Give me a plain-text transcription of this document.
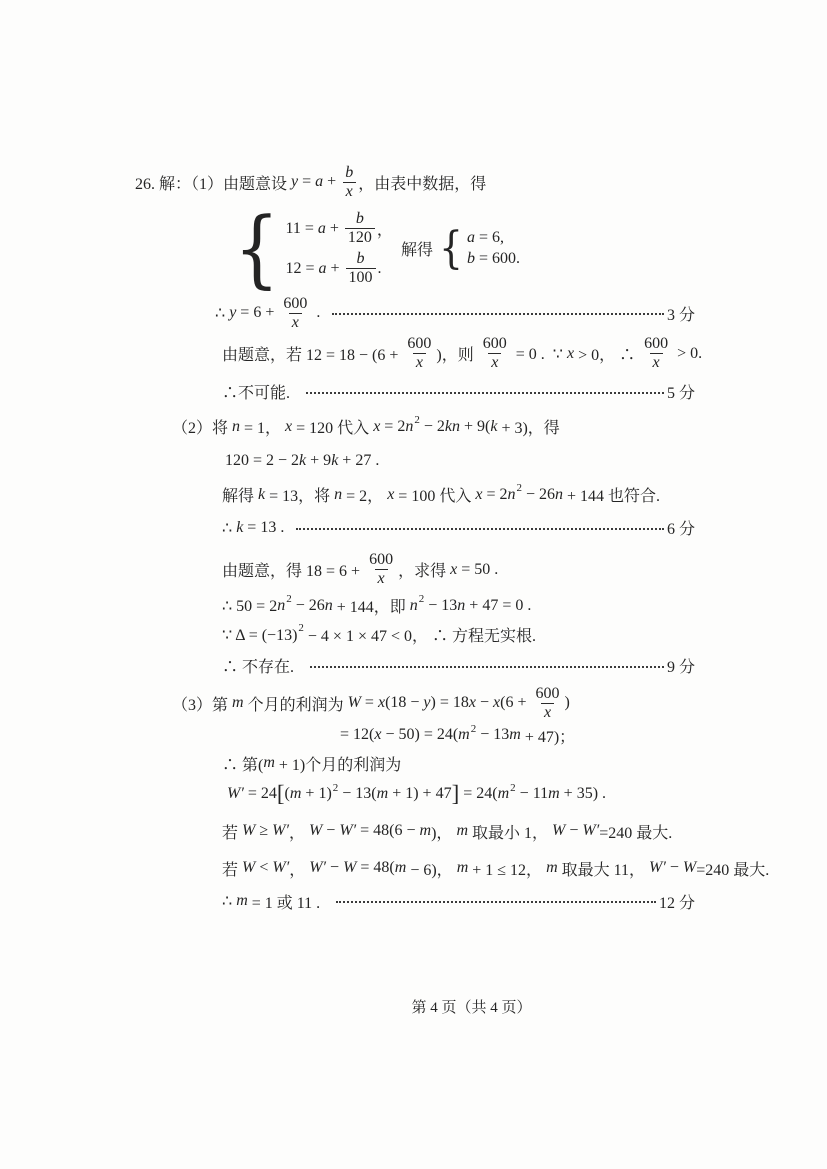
26. 解：（1）由题意设 $y = a + \frac{b}{x}$ ，由表中数据，得
{ $11 = a + \frac{b}{120}$ ，
$12 = a + \frac{b}{100}$ .
解得 { a = 6,
b = 600.
∴ $y = 6 + \frac{600}{x}$ .	3 分
由题意，若 $12 = 18 - (6 + \frac{600}{x}$ )，则 $\frac{600}{x} = 0$ .  ∵ x > 0， ∴ $\frac{600}{x} > 0$.
∴不可能.	5 分
（2）将 n = 1， x = 120 代入 x = 2 n 2 − 2 kn + 9( k + 3)，得
120 = 2 − 2 k + 9 k + 27 .
解得 k = 13，将 n = 2， x = 100 代入 x = 2 n 2 − 26 n + 144 也符合.
∴ k = 13 .	6 分
由题意，得 $18 = 6 + \frac{600}{x}$ ，求得 x = 50 .
∴ 50 = 2 n 2 − 26 n + 144，即 n 2 − 13 n + 47 = 0 .
∵ Δ = (−13) 2 − 4 × 1 × 47 < 0， ∴ 方程无实根.
∴ 不存在.	9 分
（3）第 m 个月的利润为 W = x (18 − y ) = 18 x − x ($6 + \frac{600}{x}$ )
= 12( x − 50) = 24( m 2 − 13 m + 47)；
∴ 第( m + 1)个月的利润为
W′ = 24 [ ( m + 1) 2 − 13( m + 1) + 47 ] = 24( m 2 − 11 m + 35) .
若 W ≥ W′ ， W − W′ = 48(6 − m )， m 取最小 1， W − W′ =240 最大.
若 W < W′ ， W′ − W = 48( m − 6)， m + 1 ≤ 12， m 取最大 11， W′ − W =240 最大.
∴ m = 1 或 11 .	12 分
第 4 页（共 4 页）
